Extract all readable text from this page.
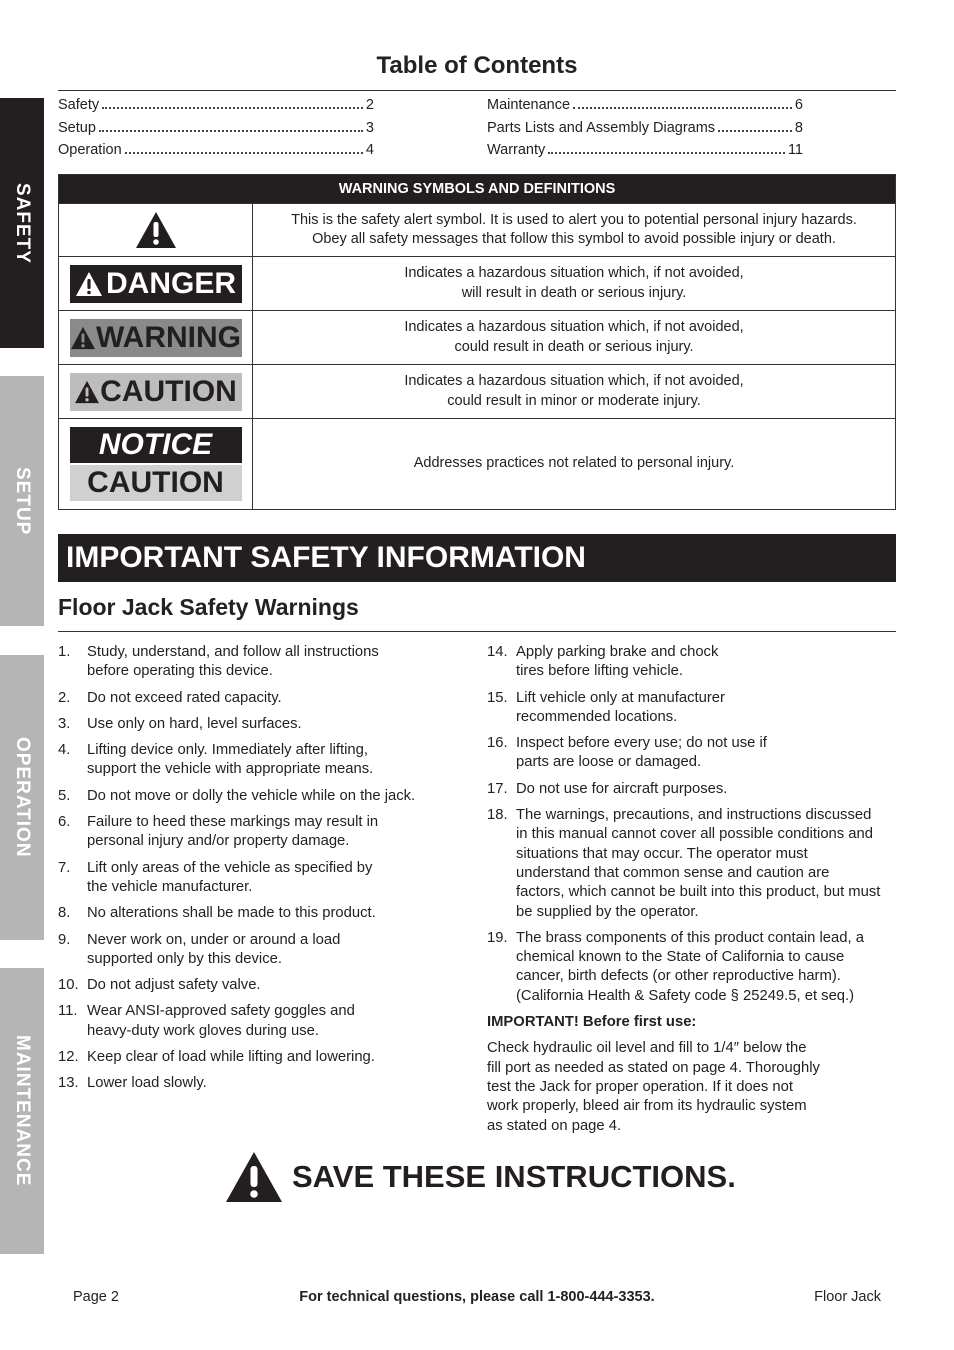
SAFETY
SETUP
OPERATION
MAINTENANCE
Table of Contents
Safety	2
Setup	3
Operation	4
Maintenance	6
Parts Lists and Assembly Diagrams	8
Warranty	11
WARNING SYMBOLS AND DEFINITIONS
This is the safety alert symbol. It is used to alert you to potential personal injury hazards.
Obey all safety messages that follow this symbol to avoid possible injury or death.
DANGER	Indicates a hazardous situation which, if not avoided,
will result in death or serious injury.
WARNING	Indicates a hazardous situation which, if not avoided,
could result in death or serious injury.
CAUTION	Indicates a hazardous situation which, if not avoided,
could result in minor or moderate injury.
NOTICE
CAUTION
Addresses practices not related to personal injury.
IMPORTANT SAFETY INFORMATION
Floor Jack Safety Warnings
1.	Study, understand, and follow all instructions before operating this device.
2.	Do not exceed rated capacity.
3.	Use only on hard, level surfaces.
4.	Lifting device only. Immediately after lifting, support the vehicle with appropriate means.
5.	Do not move or dolly the vehicle while on the jack.
6.	Failure to heed these markings may result in personal injury and/or property damage.
7.	Lift only areas of the vehicle as specified by the vehicle manufacturer.
8.	No alterations shall be made to this product.
9.	Never work on, under or around a load supported only by this device.
10. Do not adjust safety valve.
11. Wear ANSI-approved safety goggles and heavy-duty work gloves during use.
12. Keep clear of load while lifting and lowering.
13. Lower load slowly.
14. Apply parking brake and chock tires before lifting vehicle.
15. Lift vehicle only at manufacturer recommended locations.
16. Inspect before every use; do not use if parts are loose or damaged.
17. Do not use for aircraft purposes.
18. The warnings, precautions, and instructions discussed in this manual cannot cover all possible conditions and situations that may occur. The operator must understand that common sense and caution are factors, which cannot be built into this product, but must be supplied by the operator.
19. The brass components of this product contain lead, a chemical known to the State of California to cause cancer, birth defects (or other reproductive harm). (California Health & Safety code § 25249.5, et seq.)
IMPORTANT! Before first use:
Check hydraulic oil level and fill to 1/4″ below the fill port as needed as stated on page 4. Thoroughly test the Jack for proper operation. If it does not work properly, bleed air from its hydraulic system as stated on page 4.
SAVE THESE INSTRUCTIONS.
For technical questions, please call 1-800-444-3353.
Page 2	Floor Jack
